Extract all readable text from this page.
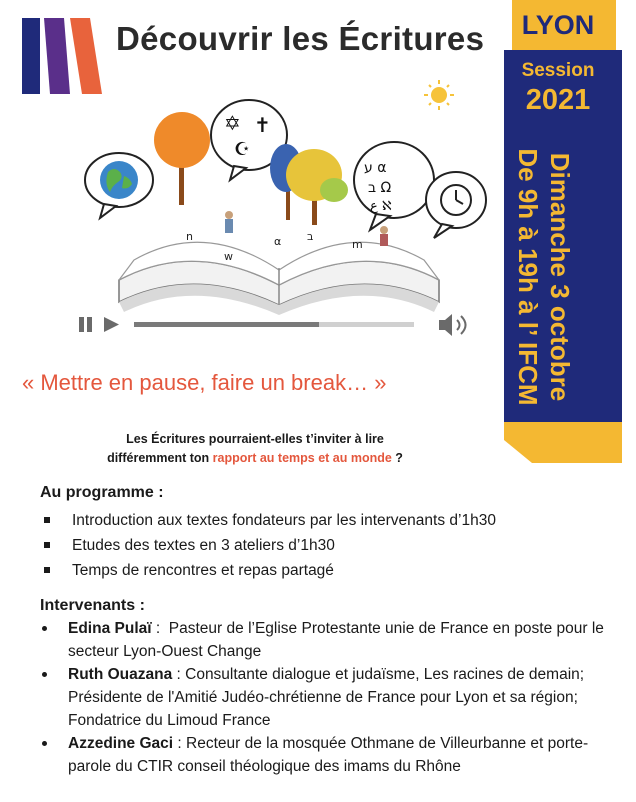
Découvrir les Écritures	LYON
Session
2021
Dimanche 3 octobre
De 9h à 19h à l’ IFCM
✡ ✝
☪
ע α
ב Ω
ع ℵ
n
w
α ב
m
« Mettre en pause, faire un break… »
Les Écritures pourraient-elles t’inviter à lire
différemment ton rapport au temps et au monde ?
Au programme :
Introduction aux textes fondateurs par les intervenants d’1h30
Etudes des textes en 3 ateliers d’1h30
Temps de rencontres et repas partagé
Intervenants :
Edina Pulaï :  Pasteur de l’Eglise Protestante unie de France en poste pour le secteur Lyon-Ouest Change
Ruth Ouazana : Consultante dialogue et judaïsme, Les racines de demain; Présidente de l'Amitié Judéo-chrétienne de France pour Lyon et sa région; Fondatrice du Limoud France
Azzedine Gaci : Recteur de la mosquée Othmane de Villeurbanne et porte-parole du CTIR conseil théologique des imams du Rhône
